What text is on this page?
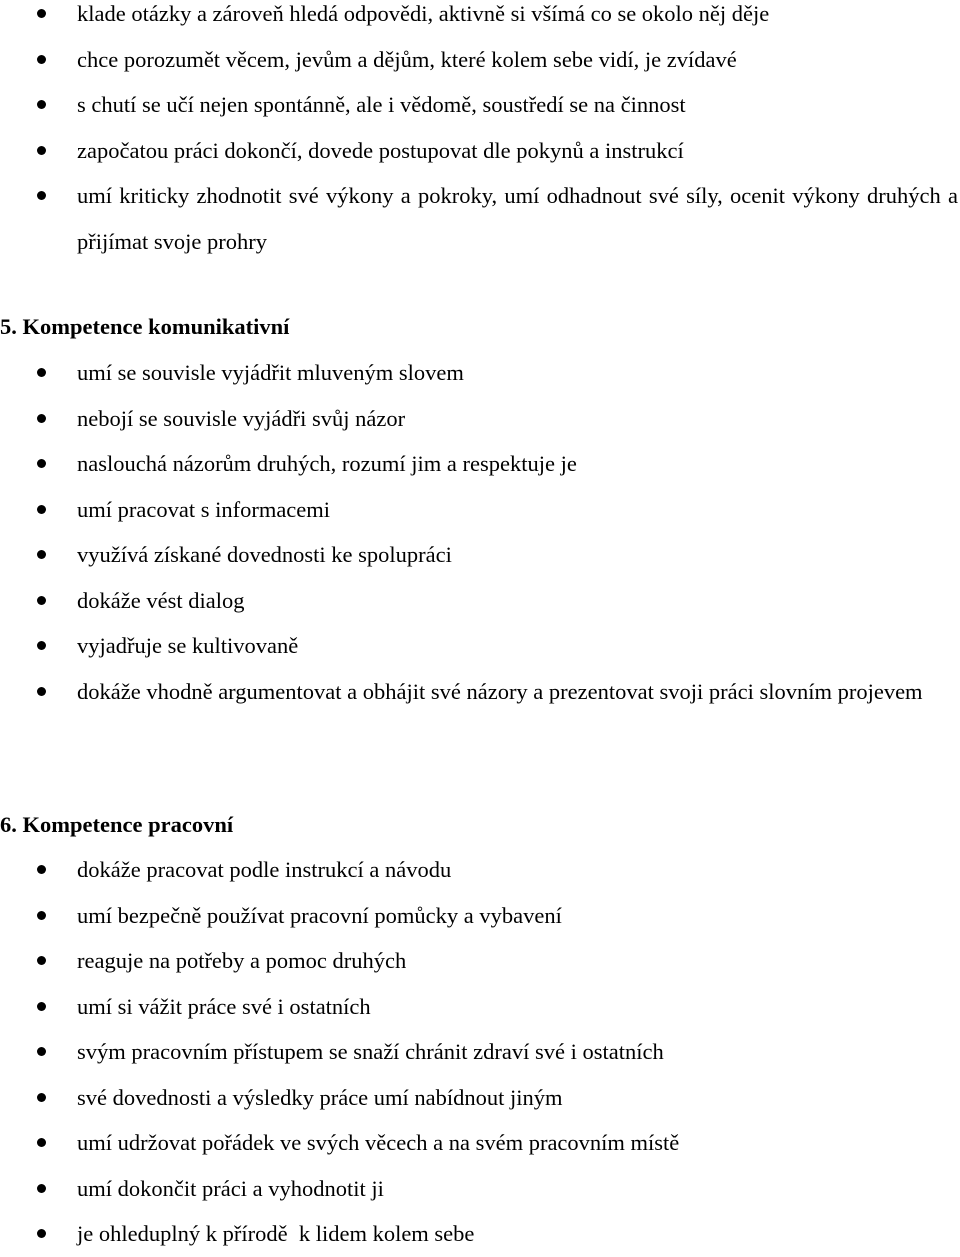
klade otázky a zároveň hledá odpovědi, aktivně si všímá co se okolo něj děje
chce porozumět věcem, jevům a dějům, které kolem sebe vidí, je zvídavé
s chutí se učí nejen spontánně, ale i vědomě, soustředí se na činnost
započatou práci dokončí, dovede postupovat dle pokynů a instrukcí
umí kriticky zhodnotit své výkony a pokroky, umí odhadnout své síly, ocenit výkony druhých a přijímat svoje prohry
5. Kompetence komunikativní
umí se souvisle vyjádřit mluveným slovem
nebojí se souvisle vyjádři svůj názor
naslouchá názorům druhých, rozumí jim a respektuje je
umí pracovat s informacemi
využívá získané dovednosti ke spolupráci
dokáže vést dialog
vyjadřuje se kultivovaně
dokáže vhodně argumentovat a obhájit své názory a prezentovat svoji práci slovním projevem
6. Kompetence pracovní
dokáže pracovat podle instrukcí a návodu
umí bezpečně používat pracovní pomůcky a vybavení
reaguje na potřeby a pomoc druhých
umí si vážit práce své i ostatních
svým pracovním přístupem se snaží chránit zdraví své i ostatních
své dovednosti a výsledky práce umí nabídnout jiným
umí udržovat pořádek ve svých věcech a na svém pracovním místě
umí dokončit práci a vyhodnotit ji
je ohleduplný k přírodě  k lidem kolem sebe
